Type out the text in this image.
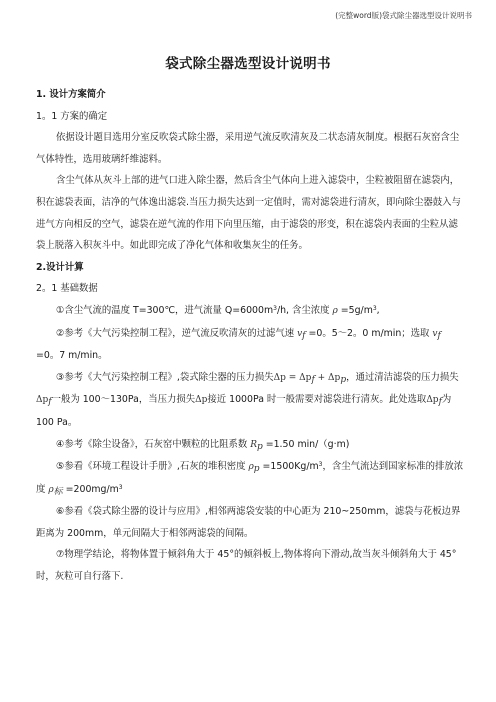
(完整word版)袋式除尘器选型设计说明书
袋式除尘器选型设计说明书

1. 设计方案简介

1。1 方案的确定

依据设计题目选用分室反吹袋式除尘器，采用逆气流反吹清灰及二状态清灰制度。根据石灰窑含尘气体特性，选用玻璃纤维滤料。

含尘气体从灰斗上部的进气口进入除尘器，然后含尘气体向上进入滤袋中，尘粒被阻留在滤袋内，积在滤袋表面，洁净的气体逸出滤袋.当压力损失达到一定值时，需对滤袋进行清灰，即向除尘器鼓入与进气方向相反的空气，滤袋在逆气流的作用下向里压缩，由于滤袋的形变，积在滤袋内表面的尘粒从滤袋上脱落入积灰斗中。如此即完成了净化气体和收集灰尘的任务。

2.设计计算

2。1 基础数据

①含尘气流的温度 T=300℃，进气流量 $Q=6000m^3/h$, 含尘浓度 $\rho =5g/m^3$,

②参考《大气污染控制工程》，逆气流反吹清灰的过滤气速 $v_f =0$。5～2。0 m/min；选取 $v_f$
=0。7 m/min。

③参考《大气污染控制工程》,袋式除尘器的压力损失$\Delta p = \Delta p_f + \Delta p_p$，通过清洁滤袋的压力损失$\Delta p_f$一般为 100～130Pa，当压力损失Δp接近 1000Pa 时一般需要对滤袋进行清灰。此处选取$\Delta p_f$为 100 Pa。

④参考《除尘设备》，石灰窑中颗粒的比阻系数 $R_p =1.50$ min/（g·m)

⑤参看《环境工程设计手册》,石灰的堆积密度 $\rho_p =1500Kg/m^3$，含尘气流达到国家标准的排放浓度 $\rho_标 =200mg/m^3$

⑥参看《袋式除尘器的设计与应用》,相邻两滤袋安装的中心距为 210~250mm，滤袋与花板边界距离为 200mm，单元间隔大于相邻两滤袋的间隔。

⑦物理学结论，将物体置于倾斜角大于 45°的倾斜板上,物体将向下滑动,故当灰斗倾斜角大于 45°时，灰粒可自行落下.
